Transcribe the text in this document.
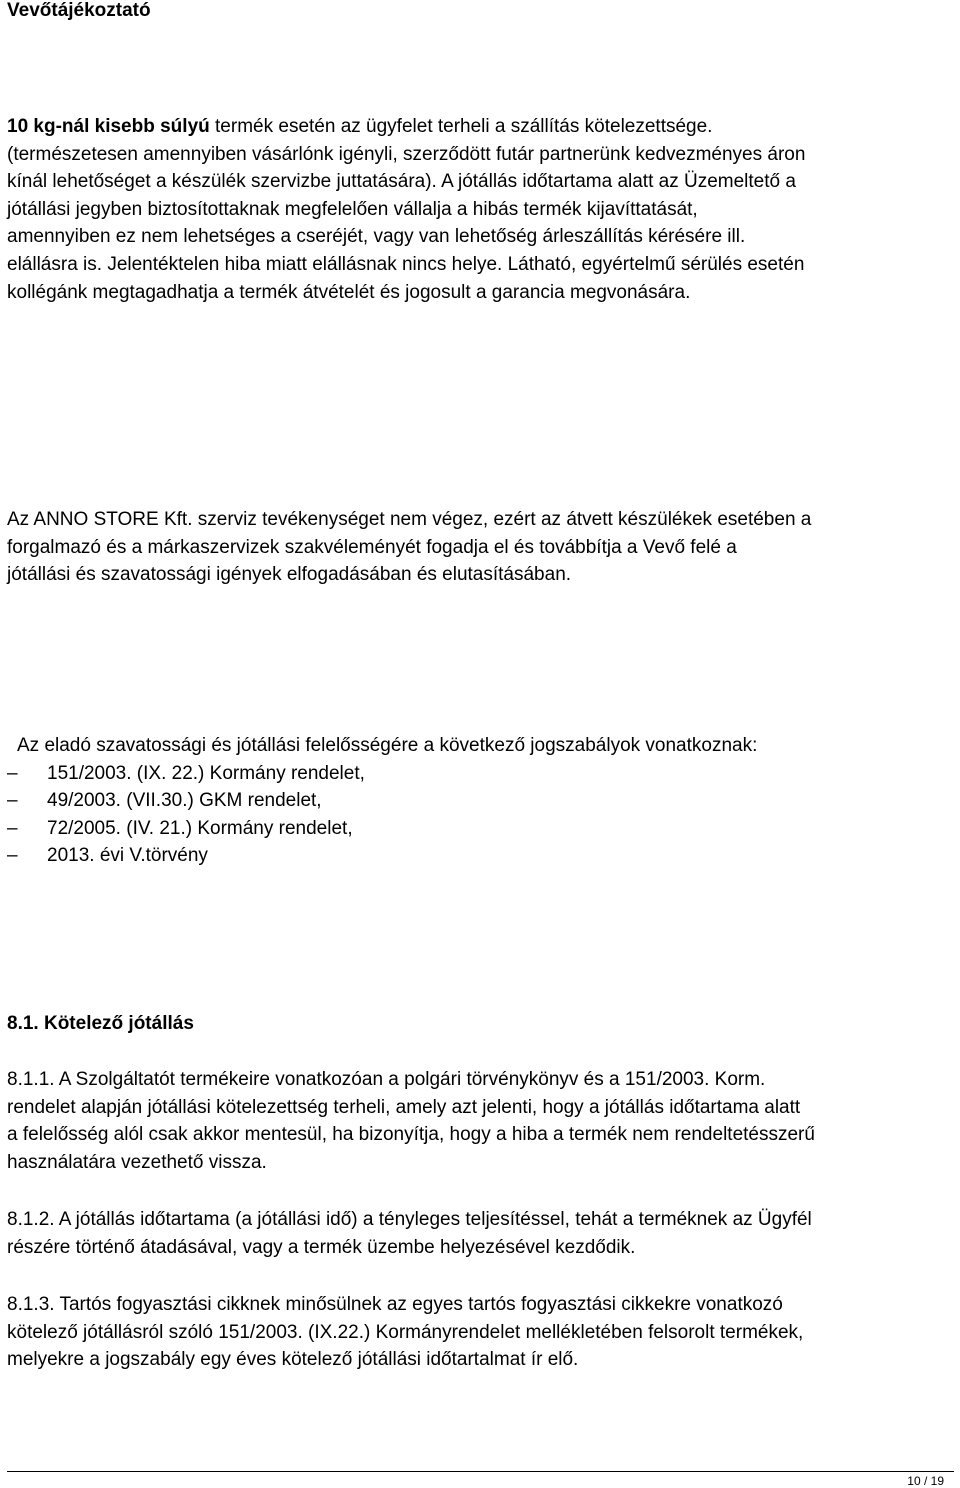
Vevőtájékoztató
10 kg-nál kisebb súlyú termék esetén az ügyfelet terheli a szállítás kötelezettsége.
(természetesen amennyiben vásárlónk igényli, szerződött futár partnerünk kedvezményes áron
kínál lehetőséget a készülék szervizbe juttatására). A jótállás időtartama alatt az Üzemeltető a
jótállási jegyben biztosítottaknak megfelelően vállalja a hibás termék kijavíttatását,
amennyiben ez nem lehetséges a cseréjét, vagy van lehetőség árleszállítás kérésére ill.
elállásra is. Jelentéktelen hiba miatt elállásnak nincs helye. Látható, egyértelmű sérülés esetén
kollégánk megtagadhatja a termék átvételét és jogosult a garancia megvonására.
Az ANNO STORE Kft. szerviz tevékenységet nem végez, ezért az átvett készülékek esetében a
forgalmazó és a márkaszervizek szakvéleményét fogadja el és továbbítja a Vevő felé a
jótállási és szavatossági igények elfogadásában és elutasításában.
Az eladó szavatossági és jótállási felelősségére a következő jogszabályok vonatkoznak:
– 151/2003. (IX. 22.) Kormány rendelet,
– 49/2003. (VII.30.) GKM rendelet,
– 72/2005. (IV. 21.) Kormány rendelet,
– 2013. évi V.törvény
8.1. Kötelező jótállás
8.1.1. A Szolgáltatót termékeire vonatkozóan a polgári törvénykönyv és a 151/2003. Korm.
rendelet alapján jótállási kötelezettség terheli, amely azt jelenti, hogy a jótállás időtartama alatt
a felelősség alól csak akkor mentesül, ha bizonyítja, hogy a hiba a termék nem rendeltetésszerű
használatára vezethető vissza.
8.1.2. A jótállás időtartama (a jótállási idő) a tényleges teljesítéssel, tehát a terméknek az Ügyfél
részére történő átadásával, vagy a termék üzembe helyezésével kezdődik.
8.1.3. Tartós fogyasztási cikknek minősülnek az egyes tartós fogyasztási cikkekre vonatkozó
kötelező jótállásról szóló 151/2003. (IX.22.) Kormányrendelet mellékletében felsorolt termékek,
melyekre a jogszabály egy éves kötelező jótállási időtartalmat ír elő.
10 / 19
